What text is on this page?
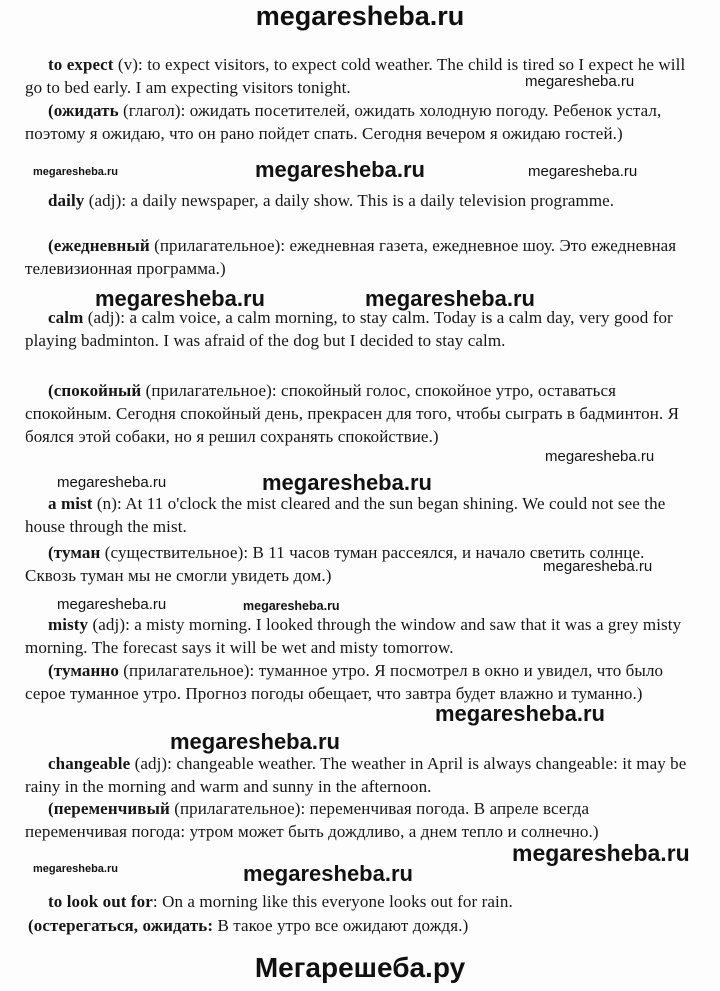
megaresheba.ru

to expect (v): to expect visitors, to expect cold weather. The child is tired so I expect he will go to bed early. I am expecting visitors tonight.

(ожидать (глагол): ожидать посетителей, ожидать холодную погоду. Ребенок устал, поэтому я ожидаю, что он рано пойдет спать. Сегодня вечером я ожидаю гостей.)

daily (adj): a daily newspaper, a daily show. This is a daily television programme.

(ежедневный (прилагательное): ежедневная газета, ежедневное шоу. Это ежедневная телевизионная программа.)

calm (adj): a calm voice, a calm morning, to stay calm. Today is a calm day, very good for playing badminton. I was afraid of the dog but I decided to stay calm.

(спокойный (прилагательное): спокойный голос, спокойное утро, оставаться спокойным. Сегодня спокойный день, прекрасен для того, чтобы сыграть в бадминтон. Я боялся этой собаки, но я решил сохранять спокойствие.)

a mist (n): At 11 o'clock the mist cleared and the sun began shining. We could not see the house through the mist.

(туман (существительное): В 11 часов туман рассеялся, и начало светить солнце. Сквозь туман мы не смогли увидеть дом.)

misty (adj): a misty morning. I looked through the window and saw that it was a grey misty morning. The forecast says it will be wet and misty tomorrow.

(туманно (прилагательное): туманное утро. Я посмотрел в окно и увидел, что было серое туманное утро. Прогноз погоды обещает, что завтра будет влажно и туманно.)

changeable (adj): changeable weather. The weather in April is always changeable: it may be rainy in the morning and warm and sunny in the afternoon.

(переменчивый (прилагательное): переменчивая погода. В апреле всегда переменчивая погода: утром может быть дождливо, а днем тепло и солнечно.)

to look out for: On a morning like this everyone looks out for rain.

(остерегаться, ожидать: В такое утро все ожидают дождя.)

megaresheba.ru
megaresheba.ru	megaresheba.ru	megaresheba.ru
megaresheba.ru	megaresheba.ru
megaresheba.ru
megaresheba.ru	megaresheba.ru
megaresheba.ru
megaresheba.ru	megaresheba.ru
megaresheba.ru
megaresheba.ru
megaresheba.ru
megaresheba.ru	megaresheba.ru
Мегарешеба.ру
